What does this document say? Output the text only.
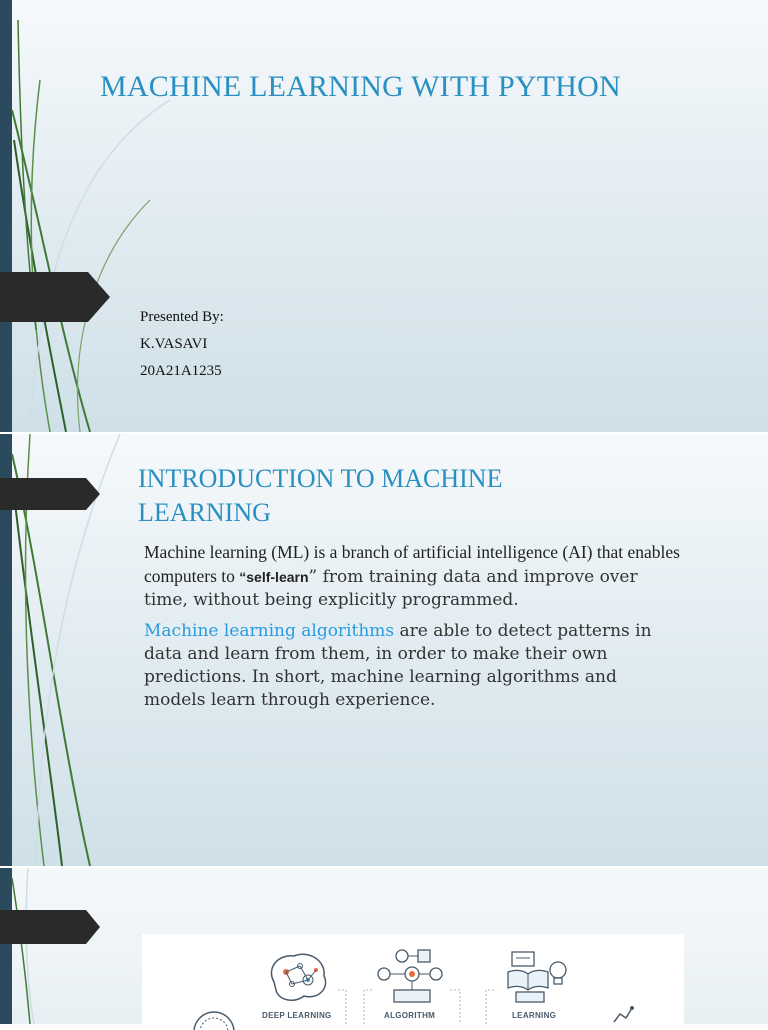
MACHINE LEARNING WITH PYTHON
Presented By:
K.VASAVI
20A21A1235
INTRODUCTION TO MACHINE
LEARNING
Machine learning (ML) is a branch of artificial intelligence (AI) that enables computers to “self-learn” from training data and improve over time, without being explicitly programmed.
Machine learning algorithms are able to detect patterns in data and learn from them, in order to make their own predictions. In short, machine learning algorithms and models learn through experience.
DEEP LEARNING	ALGORITHM	LEARNING
